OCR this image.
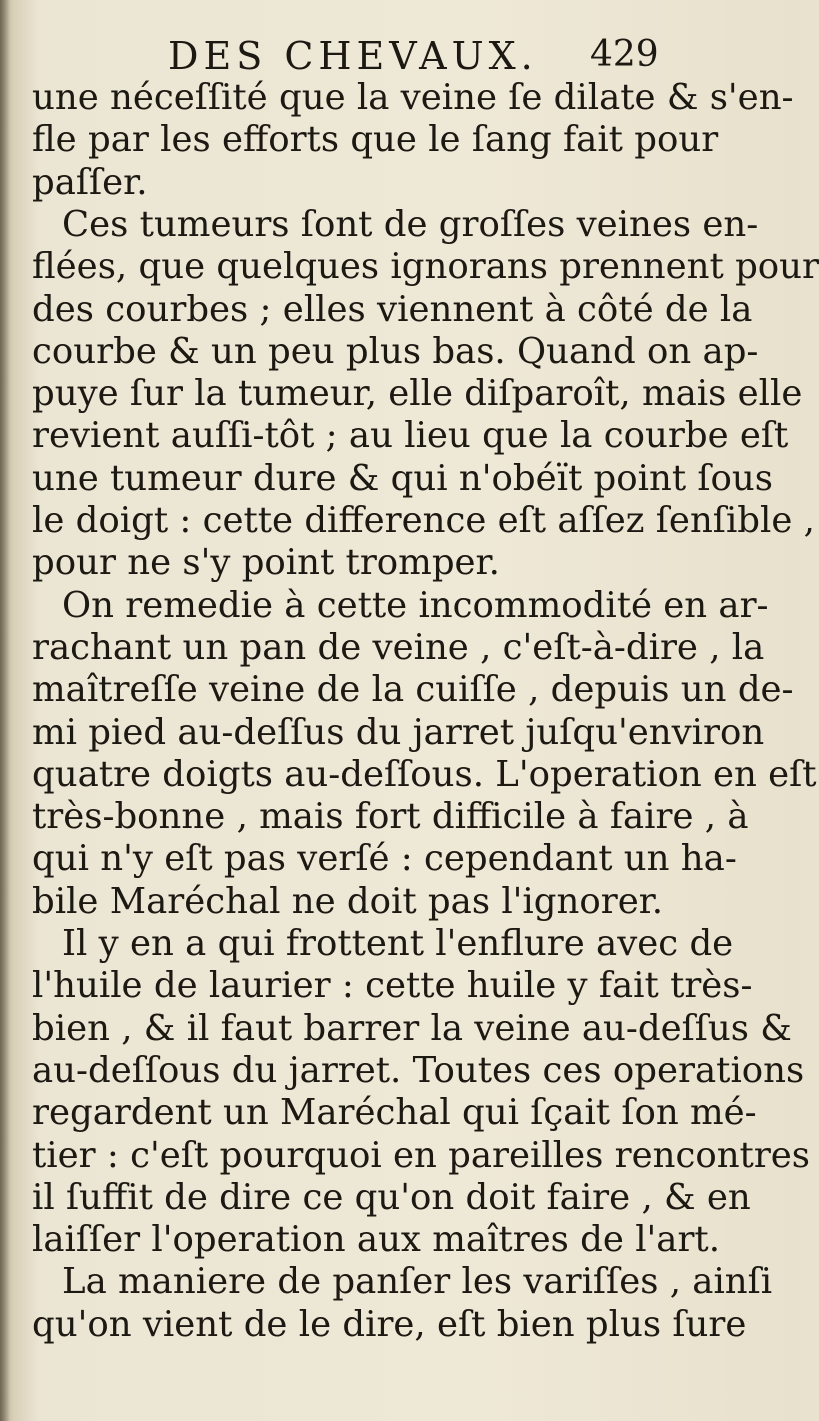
DES CHEVAUX. 429
une néceſſité que la veine ſe dilate & s'en-
fle par les efforts que le ſang fait pour
paſſer.
Ces tumeurs ſont de groſſes veines en-
flées, que quelques ignorans prennent pour
des courbes ; elles viennent à côté de la
courbe & un peu plus bas. Quand on ap-
puye ſur la tumeur, elle diſparoît, mais elle
revient auſſi-tôt ; au lieu que la courbe eſt
une tumeur dure & qui n'obéït point ſous
le doigt : cette difference eſt aſſez ſenſible ,
pour ne s'y point tromper.
On remedie à cette incommodité en ar-
rachant un pan de veine , c'eſt-à-dire , la
maîtreſſe veine de la cuiſſe , depuis un de-
mi pied au-deſſus du jarret juſqu'environ
quatre doigts au-deſſous. L'operation en eſt
très-bonne , mais fort difficile à faire , à
qui n'y eſt pas verſé : cependant un ha-
bile Maréchal ne doit pas l'ignorer.
Il y en a qui frottent l'enflure avec de
l'huile de laurier : cette huile y fait très-
bien , & il faut barrer la veine au-deſſus &
au-deſſous du jarret. Toutes ces operations
regardent un Maréchal qui ſçait ſon mé-
tier : c'eſt pourquoi en pareilles rencontres
il ſuffit de dire ce qu'on doit faire , & en
laiſſer l'operation aux maîtres de l'art.
La maniere de panſer les variſſes , ainſi
qu'on vient de le dire, eſt bien plus ſure
